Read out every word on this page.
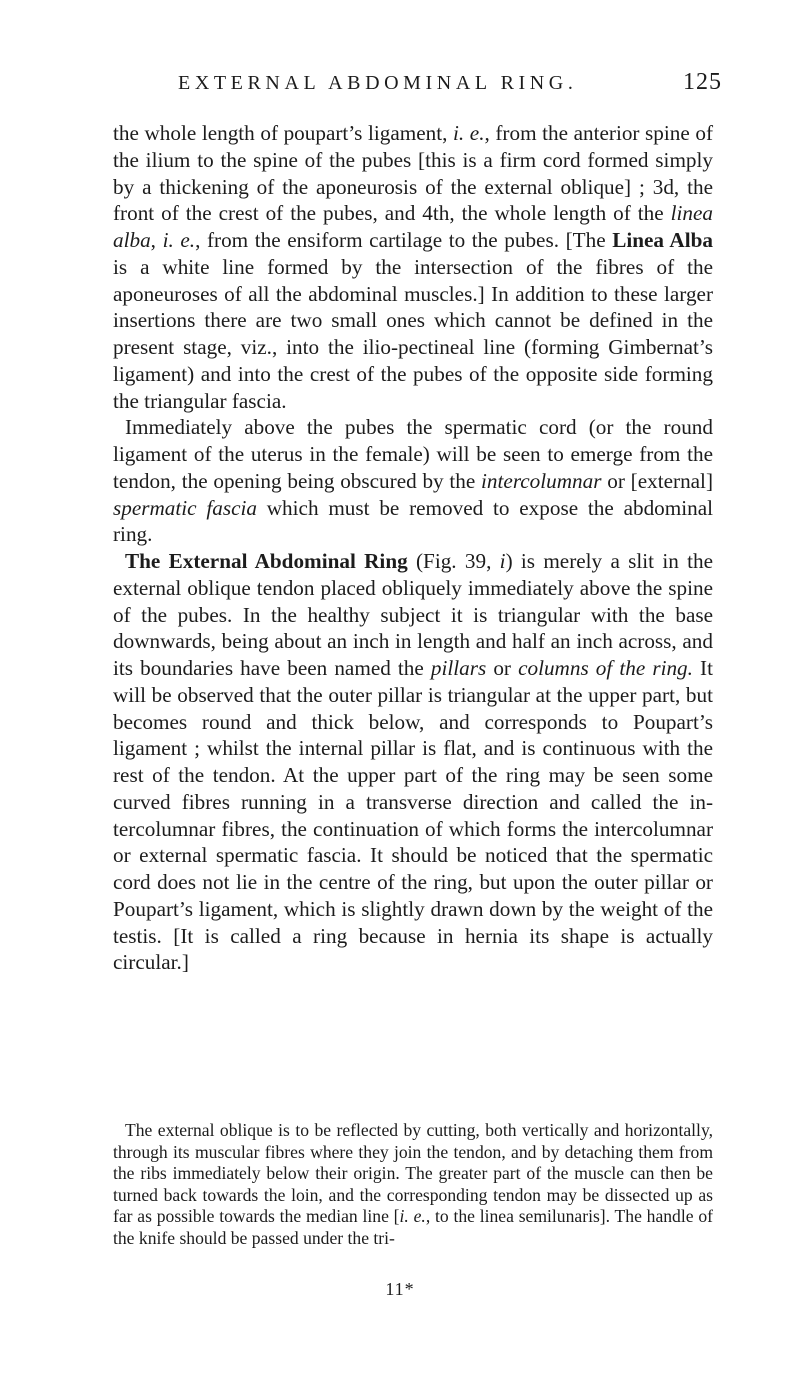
EXTERNAL ABDOMINAL RING.	125

the whole length of poupart’s ligament, i. e., from the anterior spine of the ilium to the spine of the pubes [this is a firm cord formed simply by a thickening of the aponeurosis of the external oblique] ; 3d, the front of the crest of the pubes, and 4th, the whole length of the linea alba, i. e., from the ensiform cartilage to the pubes. [The Linea Alba is a white line formed by the intersection of the fibres of the aponeuroses of all the abdominal muscles.] In addition to these larger insertions there are two small ones which cannot be defined in the present stage, viz., into the ilio-pectineal line (forming Gimbernat’s ligament) and into the crest of the pubes of the opposite side forming the triangular fascia.

Immediately above the pubes the spermatic cord (or the round ligament of the uterus in the female) will be seen to emerge from the tendon, the opening being obscured by the intercolumnar or [external] spermatic fascia which must be removed to expose the abdominal ring.

The External Abdominal Ring (Fig. 39, i) is merely a slit in the external oblique tendon placed obliquely immediately above the spine of the pubes. In the healthy subject it is triangular with the base downwards, being about an inch in length and half an inch across, and its boundaries have been named the pillars or columns of the ring. It will be observed that the outer pillar is triangular at the upper part, but becomes round and thick below, and corresponds to Poupart’s ligament ; whilst the internal pillar is flat, and is continuous with the rest of the tendon. At the upper part of the ring may be seen some curved fibres running in a transverse direction and called the intercolumnar fibres, the continuation of which forms the intercolumnar or external spermatic fascia. It should be noticed that the spermatic cord does not lie in the centre of the ring, but upon the outer pillar or Poupart’s ligament, which is slightly drawn down by the weight of the testis. [It is called a ring because in hernia its shape is actually circular.]

The external oblique is to be reflected by cutting, both vertically and horizontally, through its muscular fibres where they join the tendon, and by detaching them from the ribs immediately below their origin. The greater part of the muscle can then be turned back towards the loin, and the corresponding tendon may be dissected up as far as possible towards the median line [i. e., to the linea semilunaris]. The handle of the knife should be passed under the tri-

11*
